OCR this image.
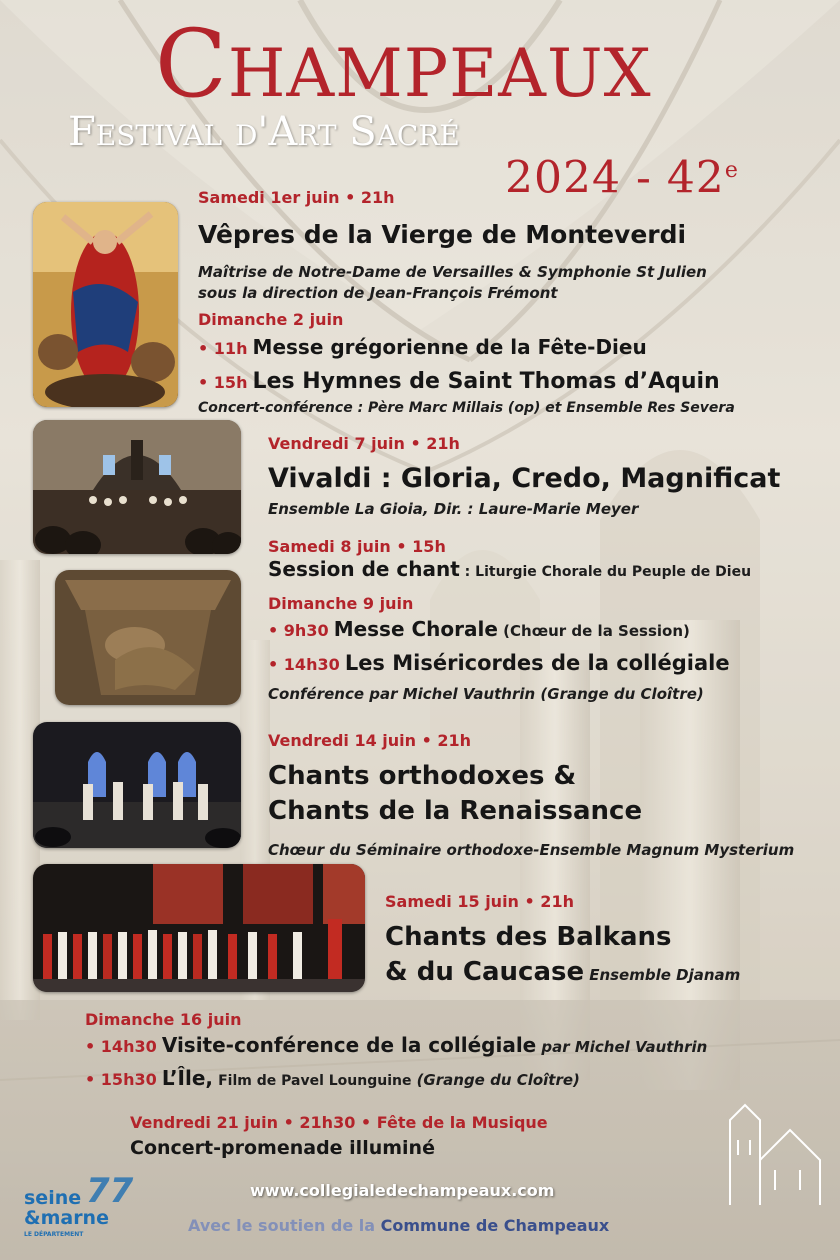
Champeaux
Festival d'Art Sacré
2024 - 42e
Samedi 1er juin • 21h
Vêpres de la Vierge de Monteverdi
Maîtrise de Notre-Dame de Versailles & Symphonie St Julien
sous la direction de Jean-François Frémont
Dimanche 2 juin
• 11h Messe grégorienne de la Fête-Dieu
• 15h Les Hymnes de Saint Thomas d’Aquin
Concert-conférence : Père Marc Millais (op) et Ensemble Res Severa
Vendredi 7 juin • 21h
Vivaldi : Gloria, Credo, Magnificat
Ensemble La Gioia, Dir. : Laure-Marie Meyer
Samedi 8 juin • 15h
Session de chant : Liturgie Chorale du Peuple de Dieu
Dimanche 9 juin
• 9h30 Messe Chorale (Chœur de la Session)
• 14h30 Les Miséricordes de la collégiale
Conférence par Michel Vauthrin (Grange du Cloître)
Vendredi 14 juin • 21h
Chants orthodoxes &
Chants de la Renaissance
Chœur du Séminaire orthodoxe-Ensemble Magnum Mysterium
Samedi 15 juin • 21h
Chants des Balkans
& du Caucase Ensemble Djanam
Dimanche 16 juin
• 14h30 Visite-conférence de la collégiale par Michel Vauthrin
• 15h30 L’Île, Film de Pavel Lounguine (Grange du Cloître)
Vendredi 21 juin • 21h30 • Fête de la Musique
Concert-promenade illuminé
www.collegialedechampeaux.com
Avec le soutien de la Commune de Champeaux
77
seine
&marne
LE DÉPARTEMENT
